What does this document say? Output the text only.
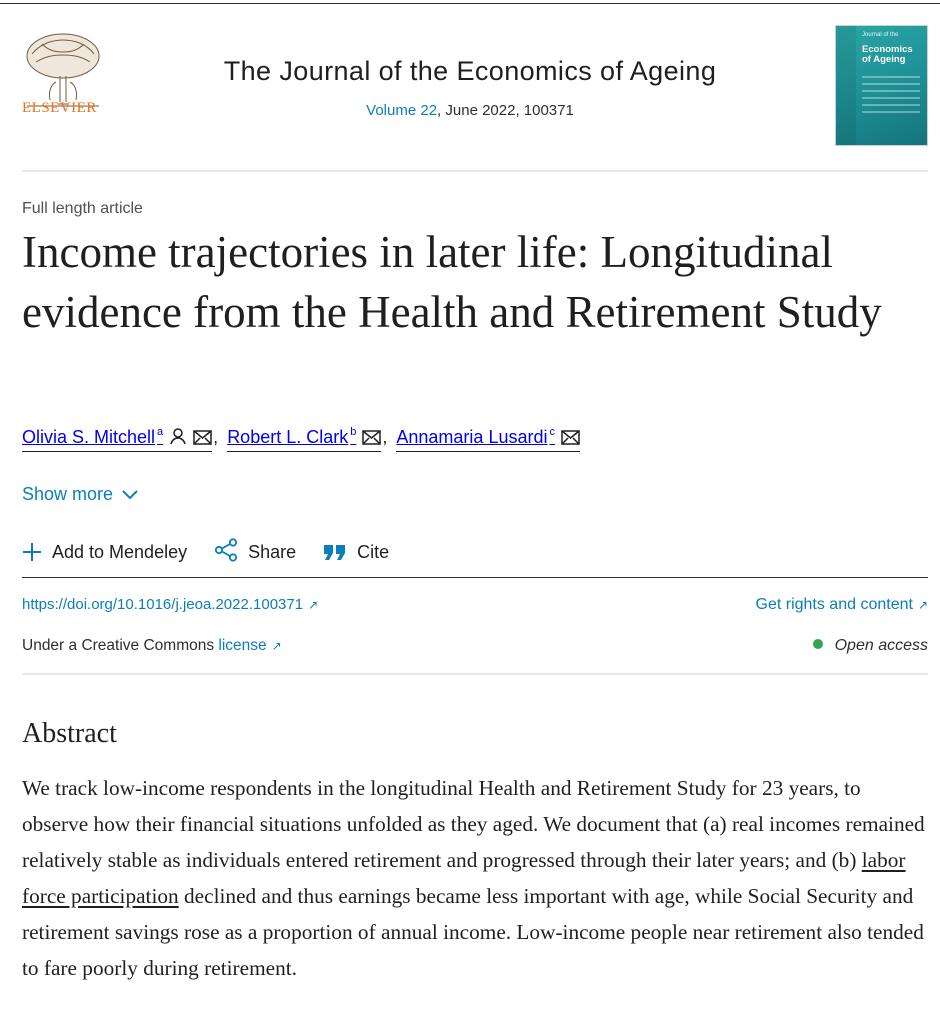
ELSEVIER
The Journal of the Economics of Ageing
Volume 22, June 2022, 100371
Journal of the
Economics of Ageing
Full length article
Income trajectories in later life: Longitudinal evidence from the Health and Retirement Study
Olivia S. Mitchell $^a$	, Robert L. Clark $^b$ , Annamaria Lusardi $^c$
Show more
Add to Mendeley	Share	Cite
https://doi.org/10.1016/j.jeoa.2022.100371 ↗	Get rights and content ↗
Under a Creative Commons license ↗	Open access
Abstract

We track low-income respondents in the longitudinal Health and Retirement Study for 23 years, to observe how their financial situations unfolded as they aged. We document that (a) real incomes remained relatively stable as individuals entered retirement and progressed through their later years; and (b) labor force participation declined and thus earnings became less important with age, while Social Security and retirement savings rose as a proportion of annual income. Low-income people near retirement also tended to fare poorly during retirement.
